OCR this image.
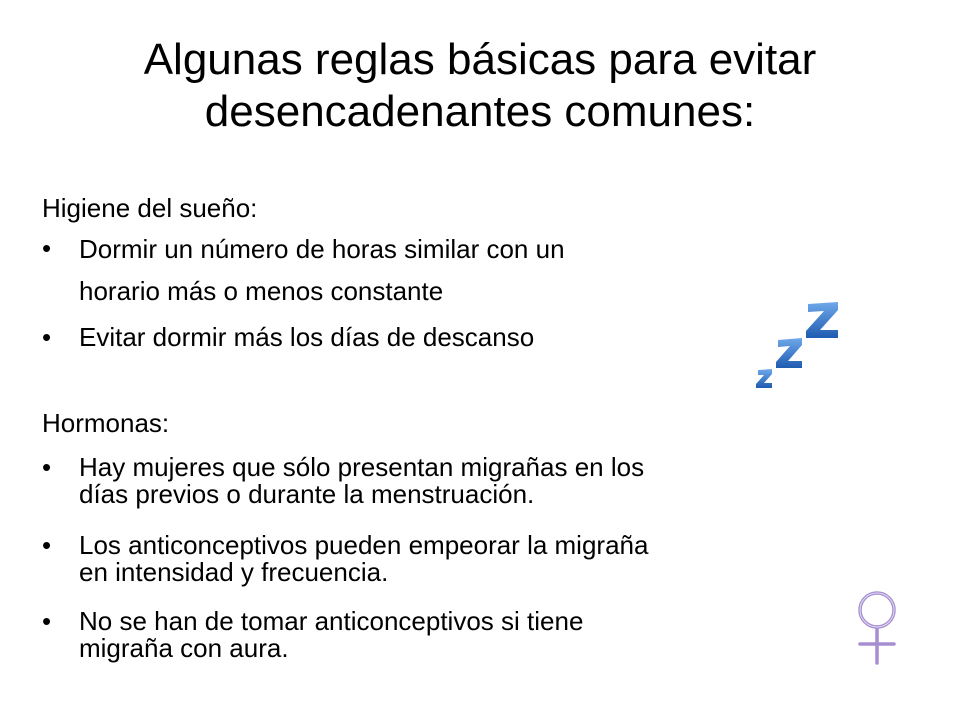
Algunas reglas básicas para evitar
desencadenantes comunes:
Higiene del sueño:
• Dormir un número de horas similar con un
horario más o menos constante
• Evitar dormir más los días de descanso
Hormonas:
• Hay mujeres que sólo presentan migrañas en los
días previos o durante la menstruación.
• Los anticonceptivos pueden empeorar la migraña
en intensidad y frecuencia.
• No se han de tomar anticonceptivos si tiene
migraña con aura.
